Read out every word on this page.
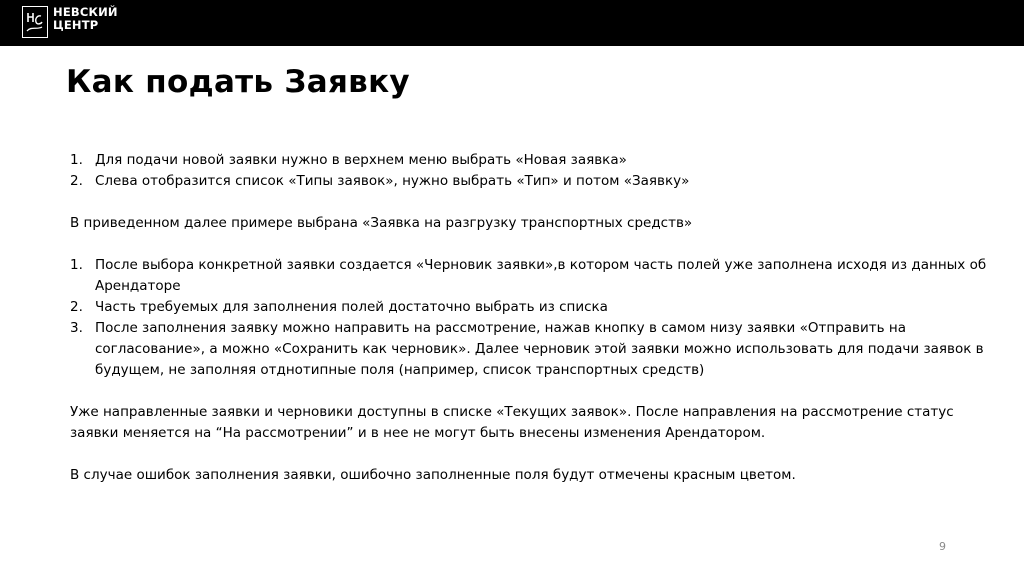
НЕВСКИЙ
ЦЕНТР
Как подать Заявку
1. Для подачи новой заявки нужно в верхнем меню выбрать «Новая заявка»
2. Слева отобразится список «Типы заявок», нужно выбрать «Тип» и потом «Заявку»

В приведенном далее примере выбрана «Заявка на разгрузку транспортных средств»

1. После выбора конкретной заявки создается «Черновик заявки»,в котором часть полей уже заполнена исходя из данных об Арендаторе
2. Часть требуемых для заполнения полей достаточно выбрать из списка
3. После заполнения заявку можно направить на рассмотрение, нажав кнопку в самом низу заявки «Отправить на согласование», а можно «Сохранить как черновик». Далее черновик этой заявки можно использовать для подачи заявок в будущем, не заполняя отднотипные поля (например, список транспортных средств)

Уже направленные заявки и черновики доступны в списке «Текущих заявок». После направления на рассмотрение статус заявки меняется на “На рассмотрении” и в нее не могут быть внесены изменения Арендатором.

В случае ошибок заполнения заявки, ошибочно заполненные поля будут отмечены красным цветом.

9
